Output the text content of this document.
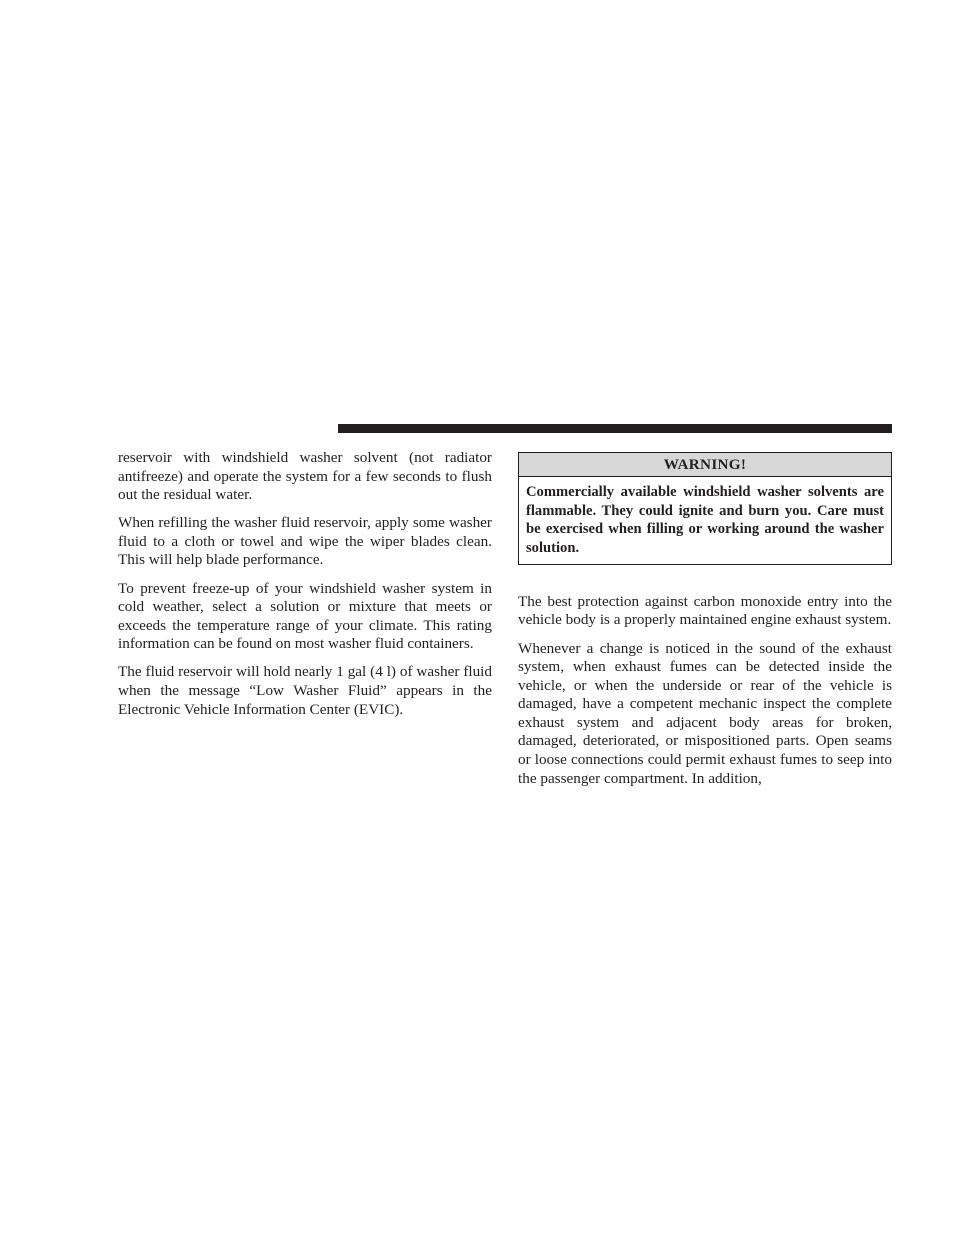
reservoir with windshield washer solvent (not radiator antifreeze) and operate the system for a few seconds to flush out the residual water.

When refilling the washer fluid reservoir, apply some washer fluid to a cloth or towel and wipe the wiper blades clean. This will help blade performance.

To prevent freeze-up of your windshield washer system in cold weather, select a solution or mixture that meets or exceeds the temperature range of your climate. This rating information can be found on most washer fluid containers.

The fluid reservoir will hold nearly 1 gal (4 l) of washer fluid when the message “Low Washer Fluid” appears in the Electronic Vehicle Information Center (EVIC).

WARNING!
Commercially available windshield washer solvents are flammable. They could ignite and burn you. Care must be exercised when filling or working around the washer solution.

The best protection against carbon monoxide entry into the vehicle body is a properly maintained engine exhaust system.

Whenever a change is noticed in the sound of the exhaust system, when exhaust fumes can be detected inside the vehicle, or when the underside or rear of the vehicle is damaged, have a competent mechanic inspect the complete exhaust system and adjacent body areas for broken, damaged, deteriorated, or mispositioned parts. Open seams or loose connections could permit exhaust fumes to seep into the passenger compartment. In addition,
